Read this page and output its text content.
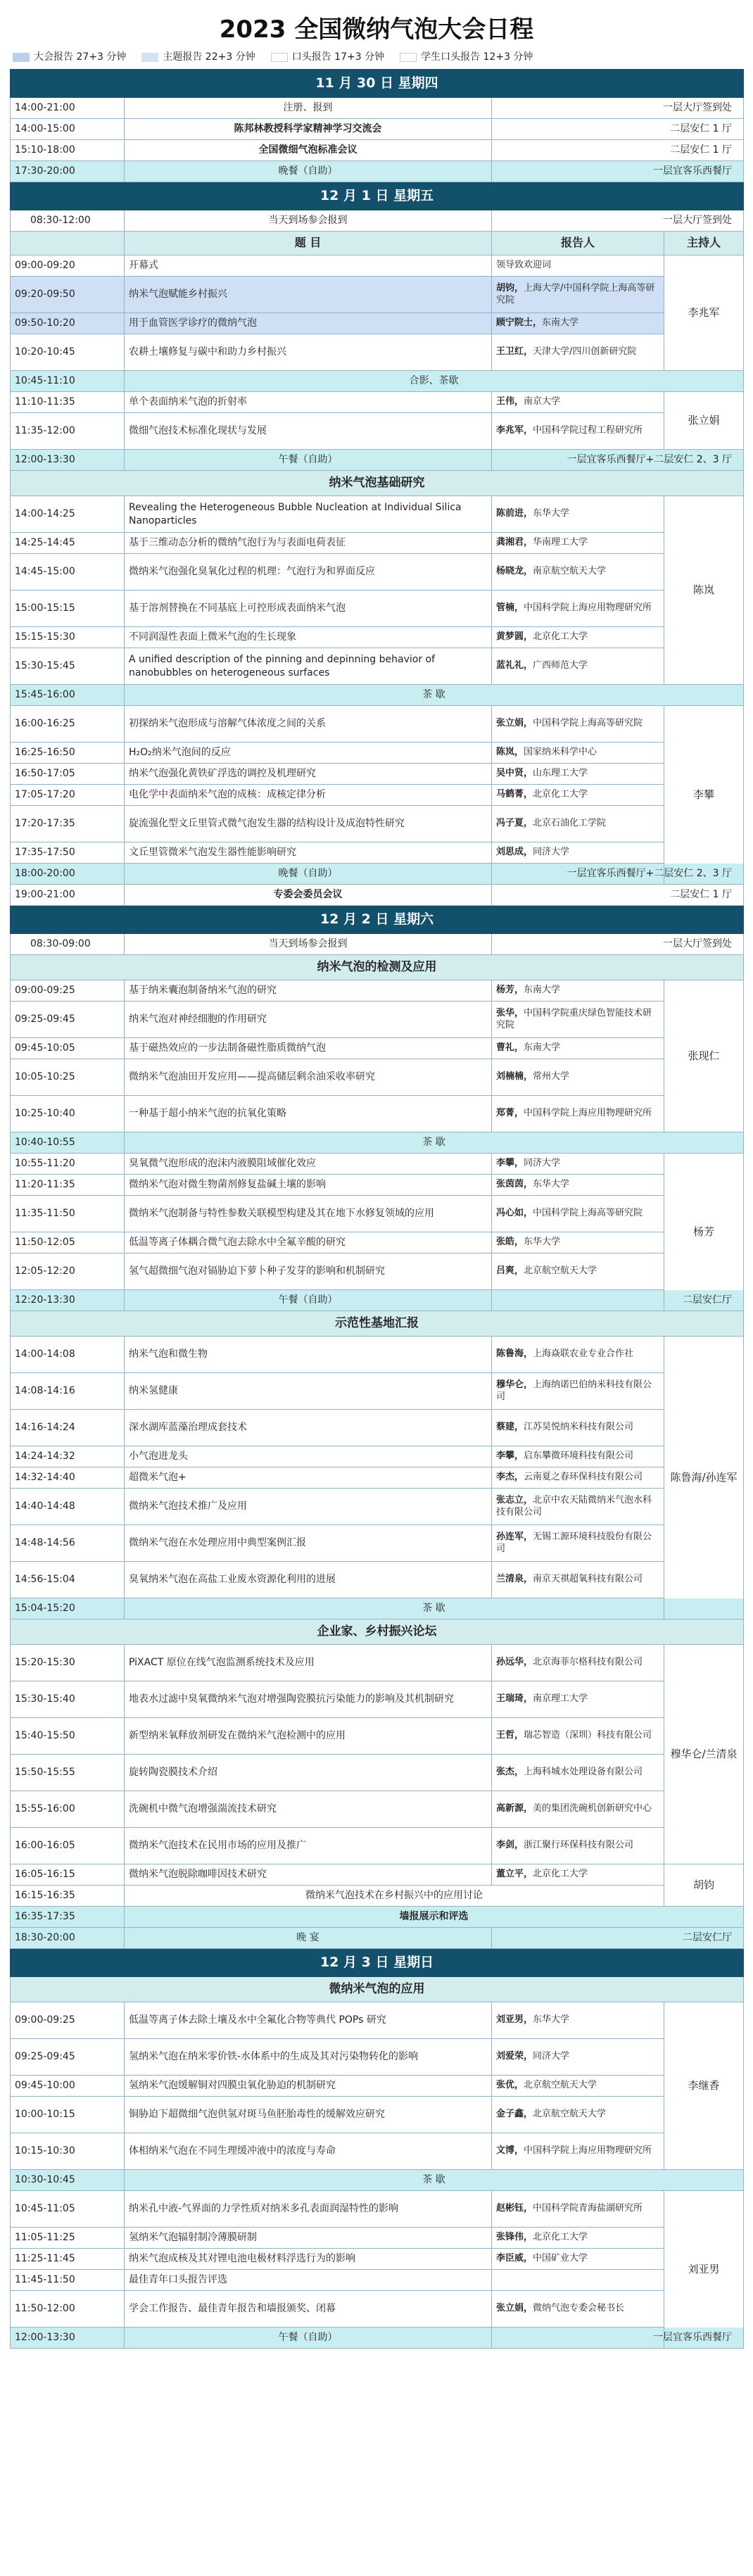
2023 全国微纳气泡大会日程
大会报告 27+3 分钟	主题报告 22+3 分钟	口头报告 17+3 分钟	学生口头报告 12+3 分钟
11 月 30 日 星期四			
14:00-21:00	注册、报到	一层大厅签到处	
14:00-15:00	陈邦林教授科学家精神学习交流会	二层安仁 1 厅	
15:10-18:00	全国微细气泡标准会议	二层安仁 1 厅	
17:30-20:00	晚餐（自助）	一层宜客乐西餐厅	
12 月 1 日 星期五			
08:30-12:00	当天到场参会报到	一层大厅签到处	
	题 目	报告人	主持人
09:00-09:20	开幕式	领导致欢迎词	李兆军
09:20-09:50	纳米气泡赋能乡村振兴	胡钧，上海大学/中国科学院上海高等研究院	
09:50-10:20	用于血管医学诊疗的微纳气泡	顾宁院士，东南大学	
10:20-10:45	农耕土壤修复与碳中和助力乡村振兴	王卫红，天津大学/四川创新研究院	
10:45-11:10	合影、茶歇		
11:10-11:35	单个表面纳米气泡的折射率	王伟，南京大学	张立娟
11:35-12:00	微细气泡技术标准化现状与发展	李兆军，中国科学院过程工程研究所	
12:00-13:30	午餐（自助）	一层宜客乐西餐厅+二层安仁 2、3 厅	
纳米气泡基础研究			
14:00-14:25	Revealing the Heterogeneous Bubble Nucleation at Individual Silica Nanoparticles	陈前进，东华大学	陈岚
14:25-14:45	基于三维动态分析的微纳气泡行为与表面电荷表征	龚湘君，华南理工大学	
14:45-15:00	微纳米气泡强化臭氧化过程的机理：气泡行为和界面反应	杨晓龙，南京航空航天大学	
15:00-15:15	基于溶剂替换在不同基底上可控形成表面纳米气泡	管楠，中国科学院上海应用物理研究所	
15:15-15:30	不同润湿性表面上微米气泡的生长现象	黄梦圆，北京化工大学	
15:30-15:45	A unified description of the pinning and depinning behavior of nanobubbles on heterogeneous surfaces	蓝礼礼，广西师范大学	
15:45-16:00	茶 歇		
16:00-16:25	初探纳米气泡形成与溶解气体浓度之间的关系	张立娟，中国科学院上海高等研究院	李攀
16:25-16:50	H₂O₂纳米气泡间的反应	陈岚，国家纳米科学中心	
16:50-17:05	纳米气泡强化黄铁矿浮选的调控及机理研究	吴中贤，山东理工大学	
17:05-17:20	电化学中表面纳米气泡的成核：成核定律分析	马鹤菁，北京化工大学	
17:20-17:35	旋流强化型文丘里管式微气泡发生器的结构设计及成泡特性研究	冯子夏，北京石油化工学院	
17:35-17:50	文丘里管微米气泡发生器性能影响研究	刘思成，同济大学	
18:00-20:00	晚餐（自助）	一层宜客乐西餐厅+二层安仁 2、3 厅	
19:00-21:00	专委会委员会议	二层安仁 1 厅	
12 月 2 日 星期六			
08:30-09:00	当天到场参会报到	一层大厅签到处	
纳米气泡的检测及应用			
09:00-09:25	基于纳米囊泡制备纳米气泡的研究	杨芳，东南大学	张现仁
09:25-09:45	纳米气泡对神经细胞的作用研究	张华，中国科学院重庆绿色智能技术研究院	
09:45-10:05	基于磁热效应的一步法制备磁性脂质微纳气泡	曹礼，东南大学	
10:05-10:25	微纳米气泡油田开发应用——提高储层剩余油采收率研究	刘楠楠，常州大学	
10:25-10:40	一种基于超小纳米气泡的抗氧化策略	郑菁，中国科学院上海应用物理研究所	
10:40-10:55	茶 歇		
10:55-11:20	臭氧微气泡形成的泡沫内液膜阻域催化效应	李攀，同济大学	杨芳
11:20-11:35	微纳米气泡对微生物菌剂修复盐碱土壤的影响	张茵茵，东华大学	
11:35-11:50	微纳米气泡制备与特性参数关联模型构建及其在地下水修复领域的应用	冯心如，中国科学院上海高等研究院	
11:50-12:05	低温等离子体耦合微气泡去除水中全氟辛酸的研究	张皓，东华大学	
12:05-12:20	氢气超微细气泡对镉胁迫下萝卜种子发芽的影响和机制研究	吕爽，北京航空航天大学	
12:20-13:30	午餐（自助）	二层安仁厅	
示范性基地汇报			
14:00-14:08	纳米气泡和微生物	陈鲁海，上海焱联农业专业合作社	陈鲁海/孙连军
14:08-14:16	纳米氢健康	穆华仑，上海纳诺巴伯纳米科技有限公司	
14:16-14:24	深水湖库蓝藻治理成套技术	蔡建，江苏昊悦纳米科技有限公司	
14:24-14:32	小气泡进龙头	李攀，启东攀微环境科技有限公司	
14:32-14:40	超微米气泡+	李杰，云南夏之春环保科技有限公司	
14:40-14:48	微纳米气泡技术推广及应用	张志立，北京中农天陆微纳米气泡水科技有限公司	
14:48-14:56	微纳米气泡在水处理应用中典型案例汇报	孙连军，无锡工源环境科技股份有限公司	
14:56-15:04	臭氧纳米气泡在高盐工业废水资源化利用的进展	兰清泉，南京天祺超氧科技有限公司	
15:04-15:20	茶 歇		
企业家、乡村振兴论坛			
15:20-15:30	PiXACT 原位在线气泡监测系统技术及应用	孙远华，北京海菲尔格科技有限公司	穆华仑/兰清泉
15:30-15:40	地表水过滤中臭氧微纳米气泡对增强陶瓷膜抗污染能力的影响及其机制研究	王瑞琦，南京理工大学	
15:40-15:50	新型纳米氧释放剂研发在微纳米气泡检测中的应用	王哲，瑞芯智造（深圳）科技有限公司	
15:50-15:55	旋转陶瓷膜技术介绍	张杰，上海科城水处理设备有限公司	
15:55-16:00	洗碗机中微气泡增强湍流技术研究	高新源，美的集团洗碗机创新研究中心	
16:00-16:05	微纳米气泡技术在民用市场的应用及推广	李剑，浙江聚行环保科技有限公司	
16:05-16:15	微纳米气泡脱除咖啡因技术研究	董立平，北京化工大学	胡钧
16:15-16:35	微纳米气泡技术在乡村振兴中的应用讨论		
16:35-17:35	墙报展示和评选		
18:30-20:00	晚 宴	二层安仁厅	
12 月 3 日 星期日			
微纳米气泡的应用			
09:00-09:25	低温等离子体去除土壤及水中全氟化合物等典代 POPs 研究	刘亚男，东华大学	李继香
09:25-09:45	氢纳米气泡在纳米零价铁-水体系中的生成及其对污染物转化的影响	刘爱荣，同济大学	
09:45-10:00	氢纳米气泡缓解铜对四膜虫氧化胁迫的机制研究	张优，北京航空航天大学	
10:00-10:15	铜胁迫下超微细气泡供氢对斑马鱼胚胎毒性的缓解效应研究	金子鑫，北京航空航天大学	
10:15-10:30	体相纳米气泡在不同生理缓冲液中的浓度与寿命	文博，中国科学院上海应用物理研究所	
10:30-10:45	茶 歇		
10:45-11:05	纳米孔中液-气界面的力学性质对纳米多孔表面润湿特性的影响	赵彬钰，中国科学院青海盐湖研究所	刘亚男
11:05-11:25	氢纳米气泡辐射制冷薄膜研制	张锋伟，北京化工大学	
11:25-11:45	纳米气泡成核及其对锂电池电极材料浮选行为的影响	李臣威，中国矿业大学	
11:45-11:50	最佳青年口头报告评选		
11:50-12:00	学会工作报告、最佳青年报告和墙报颁奖、闭幕	张立娟，微纳气泡专委会秘书长	
12:00-13:30	午餐（自助）	一层宜客乐西餐厅	
